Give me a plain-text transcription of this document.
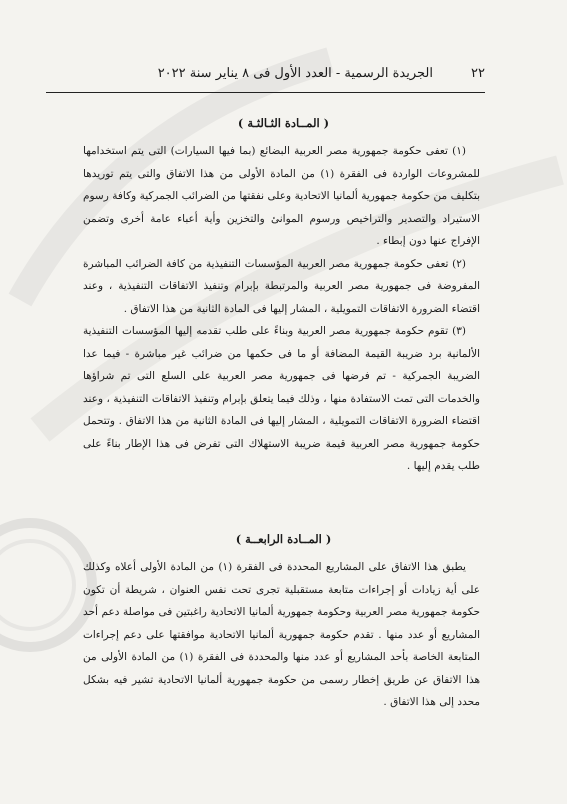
٢٢
الجريدة الرسمية - العدد الأول فى ٨ يناير سنة ٢٠٢٢
( المــادة الثـالثـة )

(١) تعفى حكومة جمهورية مصر العربية البضائع (بما فيها السيارات) التى يتم استخدامها للمشروعات الواردة فى الفقرة (١) من المادة الأولى من هذا الاتفاق والتى يتم توريدها بتكليف من حكومة جمهورية ألمانيا الاتحادية وعلى نفقتها من الضرائب الجمركية وكافة رسوم الاستيراد والتصدير والتراخيص ورسوم الموانئ والتخزين وأية أعباء عامة أخرى وتضمن الإفراج عنها دون إبطاء .

(٢) تعفى حكومة جمهورية مصر العربية المؤسسات التنفيذية من كافة الضرائب المباشرة المفروضة فى جمهورية مصر العربية والمرتبطة بإبرام وتنفيذ الاتفاقات التنفيذية ، وعند اقتضاء الضرورة الاتفاقات التمويلية ، المشار إليها فى المادة الثانية من هذا الاتفاق .

(٣) تقوم حكومة جمهورية مصر العربية وبناءً على طلب تقدمه إليها المؤسسات التنفيذية الألمانية برد ضريبة القيمة المضافة أو ما فى حكمها من ضرائب غير مباشرة - فيما عدا الضريبة الجمركية - تم فرضها فى جمهورية مصر العربية على السلع التى تم شراؤها والخدمات التى تمت الاستفادة منها ، وذلك فيما يتعلق بإبرام وتنفيذ الاتفاقات التنفيذية ، وعند اقتضاء الضرورة الاتفاقات التمويلية ، المشار إليها فى المادة الثانية من هذا الاتفاق . وتتحمل حكومة جمهورية مصر العربية قيمة ضريبة الاستهلاك التى تفرض فى هذا الإطار بناءً على طلب يقدم إليها .

( المــادة الرابعــة )

يطبق هذا الاتفاق على المشاريع المحددة فى الفقرة (١) من المادة الأولى أعلاه وكذلك على أية زيادات أو إجراءات متابعة مستقبلية تجرى تحت نفس العنوان ، شريطة أن تكون حكومة جمهورية مصر العربية وحكومة جمهورية ألمانيا الاتحادية راغبتين فى مواصلة دعم أحد المشاريع أو عدد منها . تقدم حكومة جمهورية ألمانيا الاتحادية موافقتها على دعم إجراءات المتابعة الخاصة بأحد المشاريع أو عدد منها والمحددة فى الفقرة (١) من المادة الأولى من هذا الاتفاق عن طريق إخطار رسمى من حكومة جمهورية ألمانيا الاتحادية تشير فيه بشكل محدد إلى هذا الاتفاق .
